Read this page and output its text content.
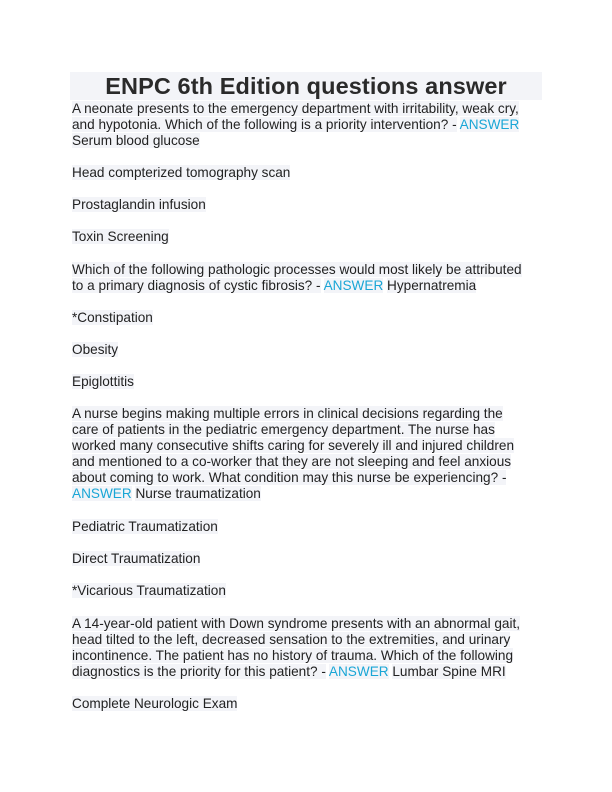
ENPC 6th Edition questions answer
A neonate presents to the emergency department with irritability, weak cry,
and hypotonia. Which of the following is a priority intervention? - ANSWER
Serum blood glucose
Head compterized tomography scan
Prostaglandin infusion
Toxin Screening
Which of the following pathologic processes would most likely be attributed
to a primary diagnosis of cystic fibrosis? - ANSWER Hypernatremia
*Constipation
Obesity
Epiglottitis
A nurse begins making multiple errors in clinical decisions regarding the
care of patients in the pediatric emergency department. The nurse has
worked many consecutive shifts caring for severely ill and injured children
and mentioned to a co-worker that they are not sleeping and feel anxious
about coming to work. What condition may this nurse be experiencing? -
ANSWER Nurse traumatization
Pediatric Traumatization
Direct Traumatization
*Vicarious Traumatization
A 14-year-old patient with Down syndrome presents with an abnormal gait,
head tilted to the left, decreased sensation to the extremities, and urinary
incontinence. The patient has no history of trauma. Which of the following
diagnostics is the priority for this patient? - ANSWER Lumbar Spine MRI
Complete Neurologic Exam
